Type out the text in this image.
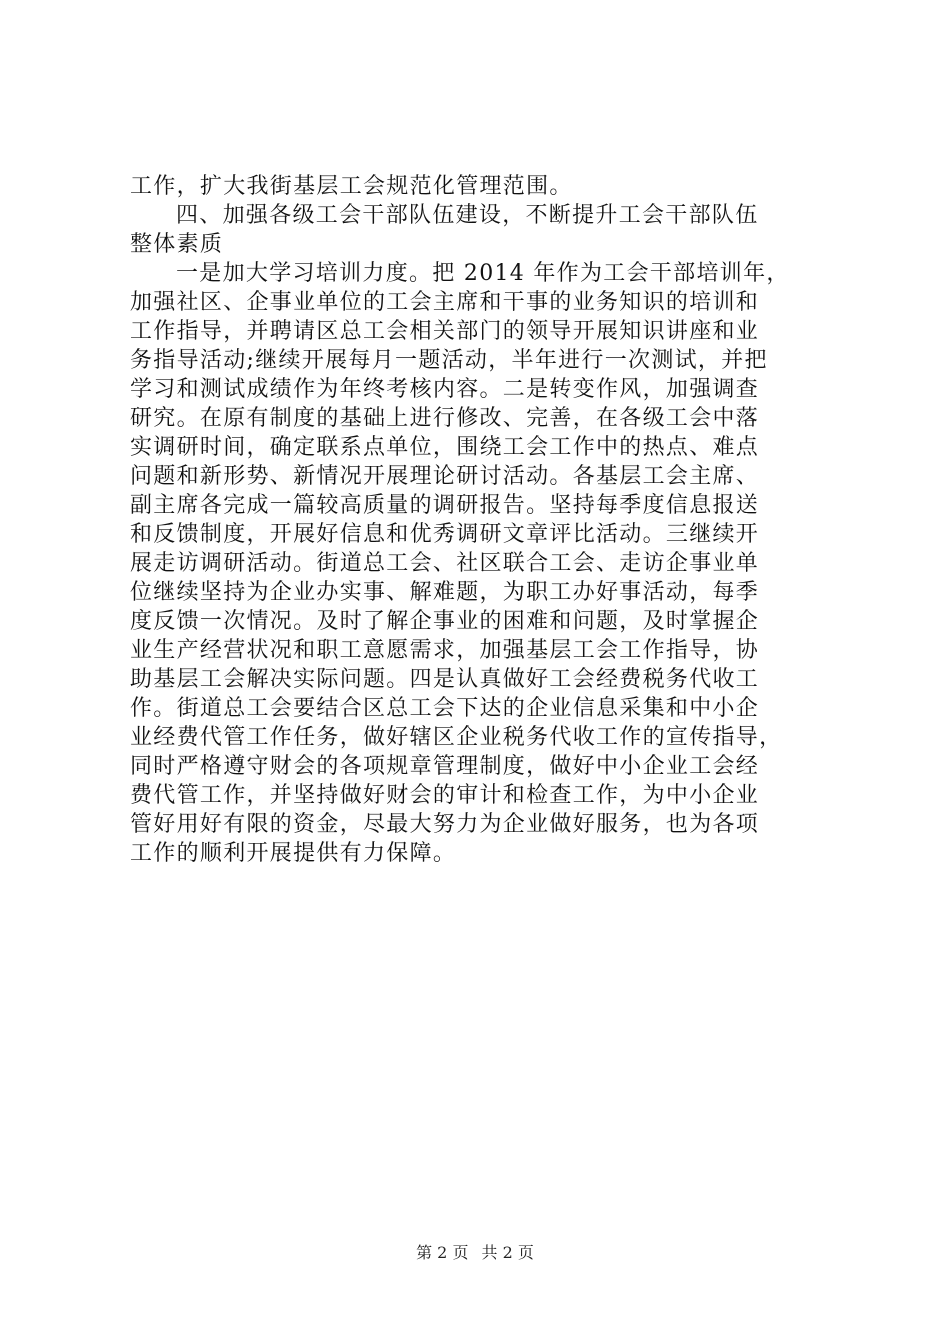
工作，扩大我街基层工会规范化管理范围。

四、加强各级工会干部队伍建设，不断提升工会干部队伍

整体素质

一是加大学习培训力度。把 2014 年作为工会干部培训年，

加强社区、企事业单位的工会主席和干事的业务知识的培训和

工作指导，并聘请区总工会相关部门的领导开展知识讲座和业

务指导活动;继续开展每月一题活动，半年进行一次测试，并把

学习和测试成绩作为年终考核内容。二是转变作风，加强调查

研究。在原有制度的基础上进行修改、完善，在各级工会中落

实调研时间，确定联系点单位，围绕工会工作中的热点、难点

问题和新形势、新情况开展理论研讨活动。各基层工会主席、

副主席各完成一篇较高质量的调研报告。坚持每季度信息报送

和反馈制度，开展好信息和优秀调研文章评比活动。三继续开

展走访调研活动。街道总工会、社区联合工会、走访企事业单

位继续坚持为企业办实事、解难题，为职工办好事活动，每季

度反馈一次情况。及时了解企事业的困难和问题，及时掌握企

业生产经营状况和职工意愿需求，加强基层工会工作指导，协

助基层工会解决实际问题。四是认真做好工会经费税务代收工

作。街道总工会要结合区总工会下达的企业信息采集和中小企

业经费代管工作任务，做好辖区企业税务代收工作的宣传指导，

同时严格遵守财会的各项规章管理制度，做好中小企业工会经

费代管工作，并坚持做好财会的审计和检查工作，为中小企业

管好用好有限的资金，尽最大努力为企业做好服务，也为各项

工作的顺利开展提供有力保障。

第 2 页 共 2 页
